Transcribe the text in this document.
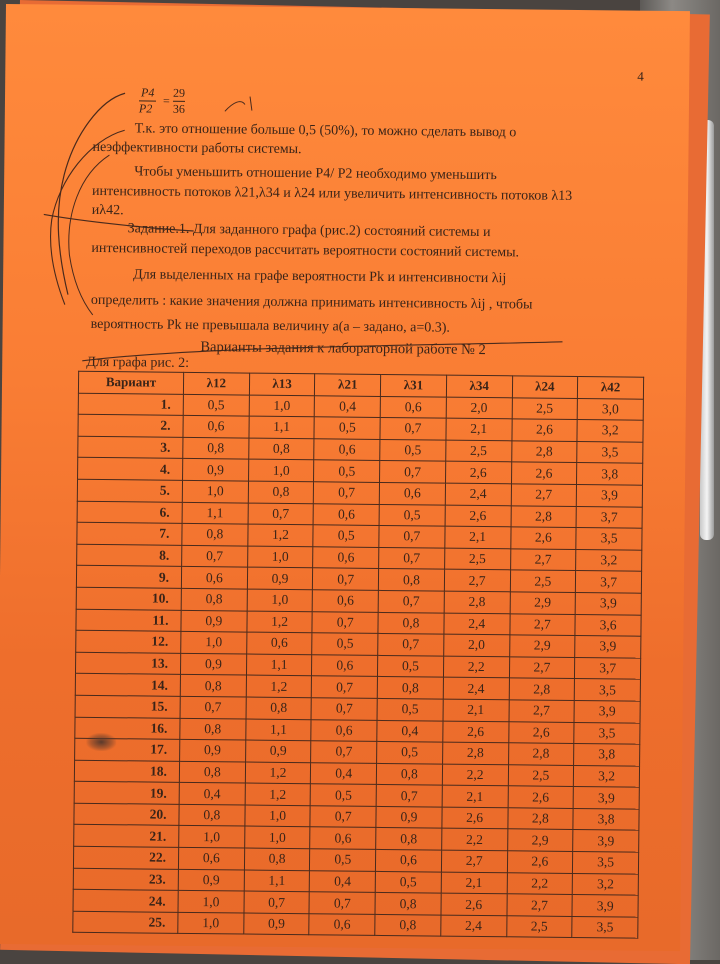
4
P4
P2
=
29
36
Т.к. это отношение больше 0,5 (50%), то можно сделать вывод о
неэффективности работы системы.
Чтобы уменьшить отношение P4/ P2 необходимо уменьшить
интенсивность потоков λ21,λ34 и λ24 или увеличить интенсивность потоков λ13
иλ42.
Задание.1. Для заданного графа (рис.2) состояний системы и
интенсивностей переходов рассчитать вероятности состояний системы.
Для выделенных на графе вероятности Pk и интенсивности λij
определить : какие значения должна принимать интенсивность λij , чтобы
вероятность Pk не превышала величину a(a – задано, a=0.3).
Варианты задания к лабораторной работе № 2
Для графа рис. 2:
Вариант	λ12	λ13	λ21	λ31	λ34	λ24	λ42
1.	0,5	1,0	0,4	0,6	2,0	2,5	3,0
2.	0,6	1,1	0,5	0,7	2,1	2,6	3,2
3.	0,8	0,8	0,6	0,5	2,5	2,8	3,5
4.	0,9	1,0	0,5	0,7	2,6	2,6	3,8
5.	1,0	0,8	0,7	0,6	2,4	2,7	3,9
6.	1,1	0,7	0,6	0,5	2,6	2,8	3,7
7.	0,8	1,2	0,5	0,7	2,1	2,6	3,5
8.	0,7	1,0	0,6	0,7	2,5	2,7	3,2
9.	0,6	0,9	0,7	0,8	2,7	2,5	3,7
10.	0,8	1,0	0,6	0,7	2,8	2,9	3,9
11.	0,9	1,2	0,7	0,8	2,4	2,7	3,6
12.	1,0	0,6	0,5	0,7	2,0	2,9	3,9
13.	0,9	1,1	0,6	0,5	2,2	2,7	3,7
14.	0,8	1,2	0,7	0,8	2,4	2,8	3,5
15.	0,7	0,8	0,7	0,5	2,1	2,7	3,9
16.	0,8	1,1	0,6	0,4	2,6	2,6	3,5
17.	0,9	0,9	0,7	0,5	2,8	2,8	3,8
18.	0,8	1,2	0,4	0,8	2,2	2,5	3,2
19.	0,4	1,2	0,5	0,7	2,1	2,6	3,9
20.	0,8	1,0	0,7	0,9	2,6	2,8	3,8
21.	1,0	1,0	0,6	0,8	2,2	2,9	3,9
22.	0,6	0,8	0,5	0,6	2,7	2,6	3,5
23.	0,9	1,1	0,4	0,5	2,1	2,2	3,2
24.	1,0	0,7	0,7	0,8	2,6	2,7	3,9
25.	1,0	0,9	0,6	0,8	2,4	2,5	3,5
